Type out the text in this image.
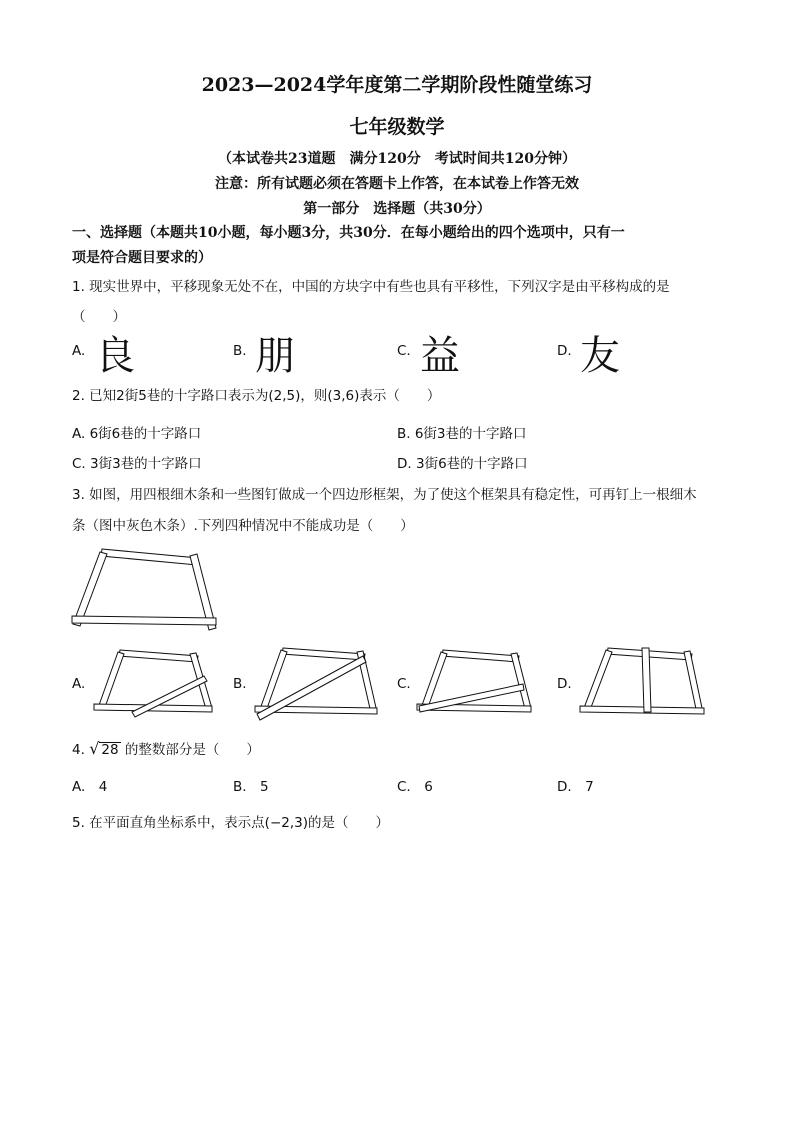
2023—2024学年度第二学期阶段性随堂练习
七年级数学
（本试卷共23道题　满分120分　考试时间共120分钟）
注意：所有试题必须在答题卡上作答，在本试卷上作答无效
第一部分　选择题（共30分）
一、选择题（本题共10小题，每小题3分，共30分．在每小题给出的四个选项中，只有一
项是符合题目要求的）
1. 现实世界中，平移现象无处不在，中国的方块字中有些也具有平移性，下列汉字是由平移构成的是
（　　）
A. 良	B. 朋	C. 益	D. 友
2. 已知2街5巷的十字路口表示为(2,5)，则(3,6)表示（　　）
A. 6街6巷的十字路口	B. 6街3巷的十字路口
C. 3街3巷的十字路口	D. 3街6巷的十字路口
3. 如图，用四根细木条和一些图钉做成一个四边形框架，为了使这个框架具有稳定性，可再钉上一根细木
条（图中灰色木条）.下列四种情况中不能成功是（　　）
A.	B.	C.	D.
4. √ 28 的整数部分是（　　）
A.　4	B.　5	C.　6	D.　7
5. 在平面直角坐标系中，表示点(−2,3)的是（　　）
